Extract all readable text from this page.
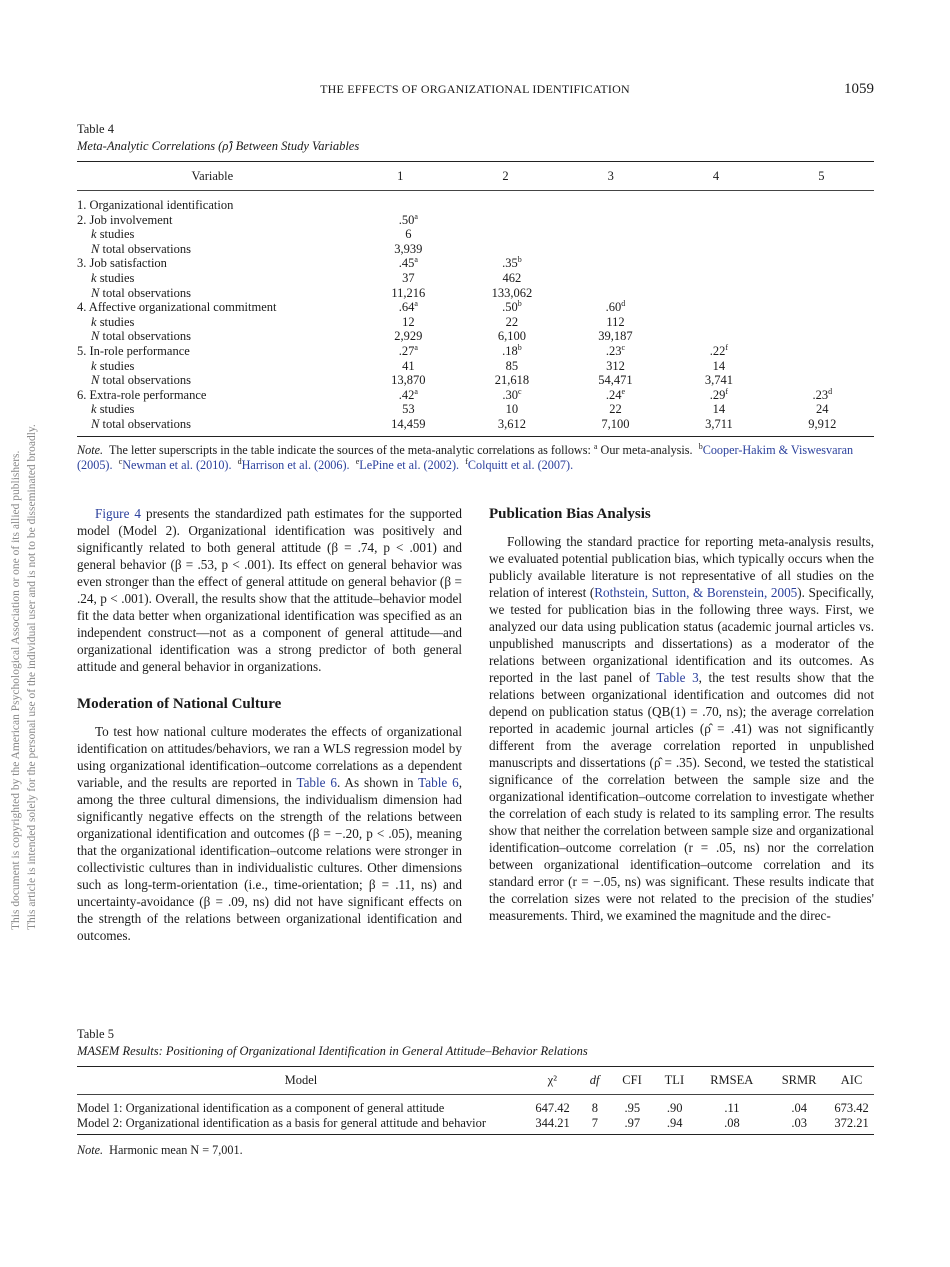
THE EFFECTS OF ORGANIZATIONAL IDENTIFICATION	1059
This document is copyrighted by the American Psychological Association or one of its allied publishers. This article is intended solely for the personal use of the individual user and is not to be disseminated broadly.
Table 4
Meta-Analytic Correlations (ρ̂) Between Study Variables
Variable	1	2	3	4	5
1. Organizational identification					
2. Job involvement	.50$^a$				
k studies	6				
N total observations	3,939				
3. Job satisfaction	.45$^a$	.35$^b$			
k studies	37	462			
N total observations	11,216	133,062			
4. Affective organizational commitment	.64$^a$	.50$^b$	.60$^d$		
k studies	12	22	112		
N total observations	2,929	6,100	39,187		
5. In-role performance	.27$^a$	.18$^b$	.23$^c$	.22$^f$	
k studies	41	85	312	14	
N total observations	13,870	21,618	54,471	3,741	
6. Extra-role performance	.42$^a$	.30$^c$	.24e	.29$^f$	.23$^d$
k studies	53	10	22	14	24
N total observations	14,459	3,612	7,100	3,711	9,912
Note. The letter superscripts in the table indicate the sources of the meta-analytic correlations as follows: $^a$ Our meta-analysis. $^b$Cooper-Hakim & Viswesvaran (2005). $^c$Newman et al. (2010). $^d$Harrison et al. (2006). $^e$LePine et al. (2002). $^f$Colquitt et al. (2007).

Figure 4 presents the standardized path estimates for the supported model (Model 2). Organizational identification was positively and significantly related to both general attitude (β = .74, p < .001) and general behavior (β = .53, p < .001). Its effect on general behavior was even stronger than the effect of general attitude on general behavior (β = .24, p < .001). Overall, the results show that the attitude–behavior model fit the data better when organizational identification was specified as an independent construct—not as a component of general attitude—and organizational identification was a strong predictor of both general attitude and general behavior in organizations.

Moderation of National Culture

To test how national culture moderates the effects of organizational identification on attitudes/behaviors, we ran a WLS regression model by using organizational identification–outcome correlations as a dependent variable, and the results are reported in Table 6. As shown in Table 6, among the three cultural dimensions, the individualism dimension had significantly negative effects on the strength of the relations between organizational identification and outcomes (β = −.20, p < .05), meaning that the organizational identification–outcome relations were stronger in collectivistic cultures than in individualistic cultures. Other dimensions such as long-term-orientation (i.e., time-orientation; β = .11, ns) and uncertainty-avoidance (β = .09, ns) did not have significant effects on the strength of the relations between organizational identification and outcomes.

Publication Bias Analysis

Following the standard practice for reporting meta-analysis results, we evaluated potential publication bias, which typically occurs when the publicly available literature is not representative of all studies on the relation of interest (Rothstein, Sutton, & Borenstein, 2005). Specifically, we tested for publication bias in the following three ways. First, we analyzed our data using publication status (academic journal articles vs. unpublished manuscripts and dissertations) as a moderator of the relations between organizational identification and its outcomes. As reported in the last panel of Table 3, the test results show that the relations between organizational identification and outcomes did not depend on publication status (QB(1) = .70, ns); the average correlation reported in academic journal articles (ρ̂ = .41) was not significantly different from the average correlation reported in unpublished manuscripts and dissertations (ρ̂ = .35). Second, we tested the statistical significance of the correlation between the sample size and the organizational identification–outcome correlation to investigate whether the correlation of each study is related to its sampling error. The results show that neither the correlation between sample size and organizational identification–outcome correlation (r = .05, ns) nor the correlation between organizational identification–outcome correlation and its standard error (r = −.05, ns) was significant. These results indicate that the correlation sizes were not related to the precision of the studies' measurements. Third, we examined the magnitude and the direc-

Table 5
MASEM Results: Positioning of Organizational Identification in General Attitude–Behavior Relations
Model	χ²	df	CFI	TLI	RMSEA	SRMR	AIC
Model 1: Organizational identification as a component of general attitude	647.42	8	.95	.90	.11	.04	673.42
Model 2: Organizational identification as a basis for general attitude and behavior	344.21	7	.97	.94	.08	.03	372.21
Note. Harmonic mean N = 7,001.
